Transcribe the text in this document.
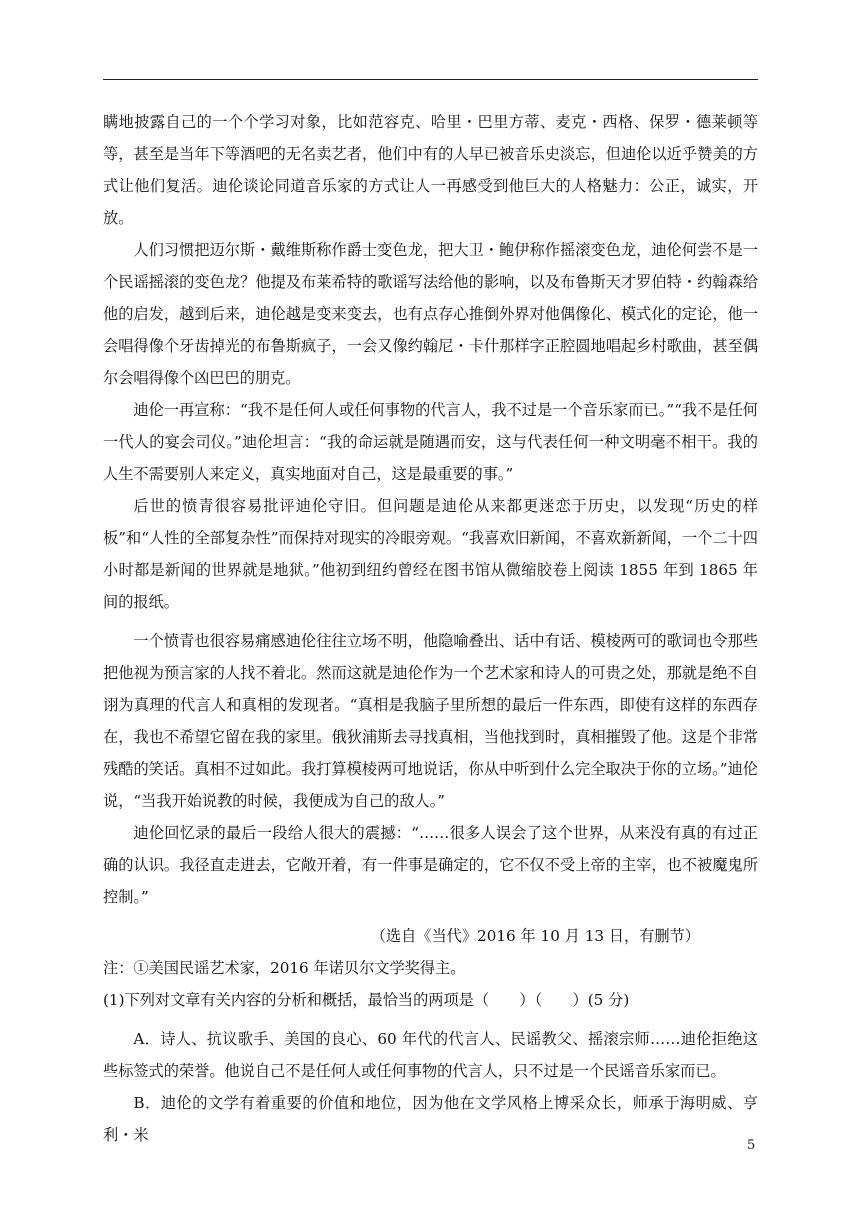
瞒地披露自己的一个个学习对象，比如范容克、哈里・巴里方蒂、麦克・西格、保罗・德莱顿等等，甚至是当年下等酒吧的无名卖艺者，他们中有的人早已被音乐史淡忘，但迪伦以近乎赞美的方式让他们复活。迪伦谈论同道音乐家的方式让人一再感受到他巨大的人格魅力：公正，诚实，开放。

人们习惯把迈尔斯・戴维斯称作爵士变色龙，把大卫・鲍伊称作摇滚变色龙，迪伦何尝不是一个民谣摇滚的变色龙？他提及布莱希特的歌谣写法给他的影响，以及布鲁斯天才罗伯特・约翰森给他的启发，越到后来，迪伦越是变来变去，也有点存心推倒外界对他偶像化、模式化的定论，他一会唱得像个牙齿掉光的布鲁斯疯子，一会又像约翰尼・卡什那样字正腔圆地唱起乡村歌曲，甚至偶尔会唱得像个凶巴巴的朋克。

迪伦一再宣称：“我不是任何人或任何事物的代言人，我不过是一个音乐家而已。”“我不是任何一代人的宴会司仪。”迪伦坦言：“我的命运就是随遇而安，这与代表任何一种文明毫不相干。我的人生不需要别人来定义，真实地面对自己，这是最重要的事。”

后世的愤青很容易批评迪伦守旧。但问题是迪伦从来都更迷恋于历史，以发现“历史的样板”和“人性的全部复杂性”而保持对现实的冷眼旁观。“我喜欢旧新闻，不喜欢新新闻，一个二十四小时都是新闻的世界就是地狱。”他初到纽约曾经在图书馆从微缩胶卷上阅读 1855 年到 1865 年间的报纸。

一个愤青也很容易痛感迪伦往往立场不明，他隐喻叠出、话中有话、模棱两可的歌词也令那些把他视为预言家的人找不着北。然而这就是迪伦作为一个艺术家和诗人的可贵之处，那就是绝不自诩为真理的代言人和真相的发现者。“真相是我脑子里所想的最后一件东西，即使有这样的东西存在，我也不希望它留在我的家里。俄狄浦斯去寻找真相，当他找到时，真相摧毁了他。这是个非常残酷的笑话。真相不过如此。我打算模棱两可地说话，你从中听到什么完全取决于你的立场。”迪伦说，“当我开始说教的时候，我便成为自己的敌人。”

迪伦回忆录的最后一段给人很大的震撼：“……很多人误会了这个世界，从来没有真的有过正确的认识。我径直走进去，它敞开着，有一件事是确定的，它不仅不受上帝的主宰，也不被魔鬼所控制。”

（选自《当代》2016 年 10 月 13 日，有删节）

注：①美国民谣艺术家，2016 年诺贝尔文学奖得主。

(1)下列对文章有关内容的分析和概括，最恰当的两项是（　　）（　　）(5 分)

A．诗人、抗议歌手、美国的良心、60 年代的代言人、民谣教父、摇滚宗师……迪伦拒绝这些标签式的荣誉。他说自己不是任何人或任何事物的代言人，只不过是一个民谣音乐家而已。

B．迪伦的文学有着重要的价值和地位，因为他在文学风格上博采众长，师承于海明威、亨利・米

5
